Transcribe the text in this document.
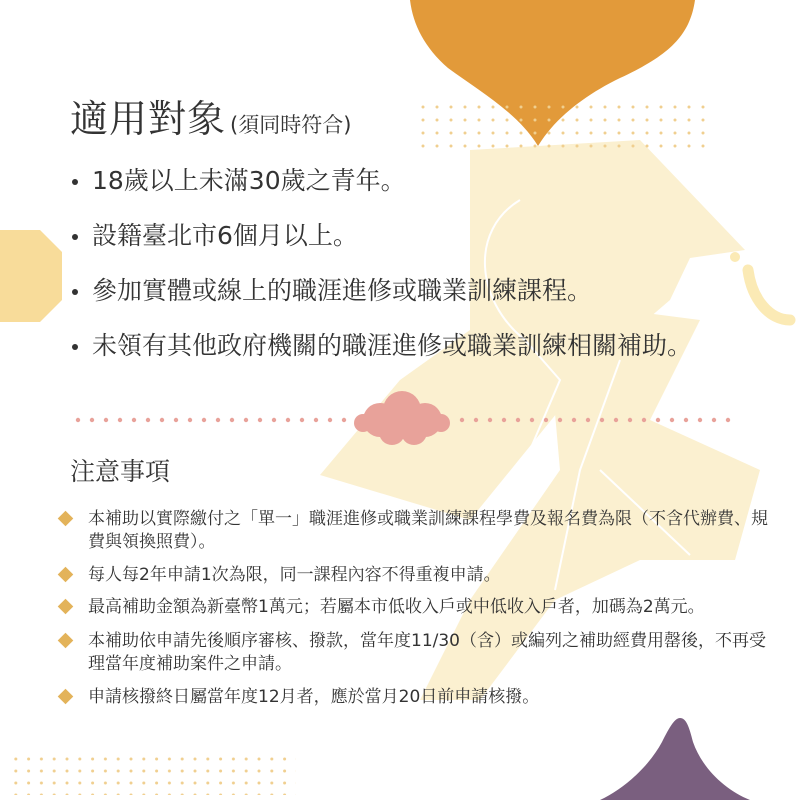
適用對象 (須同時符合)
18歲以上未滿30歲之青年。
設籍臺北市6個月以上。
參加實體或線上的職涯進修或職業訓練課程。
未領有其他政府機關的職涯進修或職業訓練相關補助。
注意事項
本補助以實際繳付之「單一」職涯進修或職業訓練課程學費及報名費為限（不含代辦費、規費與領換照費）。
每人每2年申請1次為限，同一課程內容不得重複申請。
最高補助金額為新臺幣1萬元；若屬本市低收入戶或中低收入戶者，加碼為2萬元。
本補助依申請先後順序審核、撥款，當年度11/30（含）或編列之補助經費用罄後，不再受理當年度補助案件之申請。
申請核撥終日屬當年度12月者，應於當月20日前申請核撥。
